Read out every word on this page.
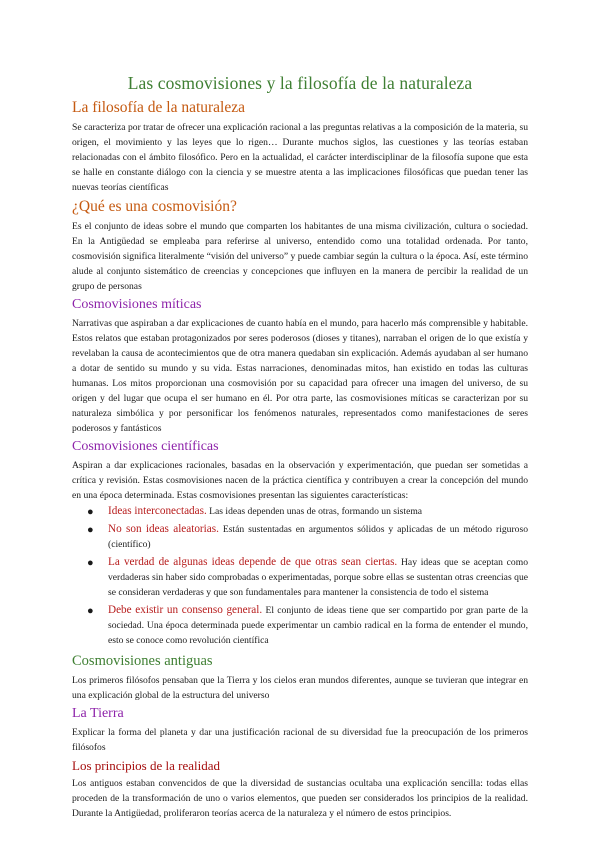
Las cosmovisiones y la filosofía de la naturaleza
La filosofía de la naturaleza

Se caracteriza por tratar de ofrecer una explicación racional a las preguntas relativas a la composición de la materia, su origen, el movimiento y las leyes que lo rigen… Durante muchos siglos, las cuestiones y las teorías estaban relacionadas con el ámbito filosófico. Pero en la actualidad, el carácter interdisciplinar de la filosofía supone que esta se halle en constante diálogo con la ciencia y se muestre atenta a las implicaciones filosóficas que puedan tener las nuevas teorías científicas

¿Qué es una cosmovisión?

Es el conjunto de ideas sobre el mundo que comparten los habitantes de una misma civilización, cultura o sociedad. En la Antigüedad se empleaba para referirse al universo, entendido como una totalidad ordenada. Por tanto, cosmovisión significa literalmente “visión del universo” y puede cambiar según la cultura o la época. Así, este término alude al conjunto sistemático de creencias y concepciones que influyen en la manera de percibir la realidad de un grupo de personas

Cosmovisiones míticas

Narrativas que aspiraban a dar explicaciones de cuanto había en el mundo, para hacerlo más comprensible y habitable. Estos relatos que estaban protagonizados por seres poderosos (dioses y titanes), narraban el origen de lo que existía y revelaban la causa de acontecimientos que de otra manera quedaban sin explicación. Además ayudaban al ser humano a dotar de sentido su mundo y su vida. Estas narraciones, denominadas mitos, han existido en todas las culturas humanas. Los mitos proporcionan una cosmovisión por su capacidad para ofrecer una imagen del universo, de su origen y del lugar que ocupa el ser humano en él. Por otra parte, las cosmovisiones míticas se caracterizan por su naturaleza simbólica y por personificar los fenómenos naturales, representados como manifestaciones de seres poderosos y fantásticos

Cosmovisiones científicas

Aspiran a dar explicaciones racionales, basadas en la observación y experimentación, que puedan ser sometidas a crítica y revisión. Estas cosmovisiones nacen de la práctica científica y contribuyen a crear la concepción del mundo en una época determinada. Estas cosmovisiones presentan las siguientes características:

● Ideas interconectadas. Las ideas dependen unas de otras, formando un sistema
● No son ideas aleatorias. Están sustentadas en argumentos sólidos y aplicadas de un método riguroso (científico)
● La verdad de algunas ideas depende de que otras sean ciertas. Hay ideas que se aceptan como verdaderas sin haber sido comprobadas o experimentadas, porque sobre ellas se sustentan otras creencias que se consideran verdaderas y que son fundamentales para mantener la consistencia de todo el sistema
● Debe existir un consenso general. El conjunto de ideas tiene que ser compartido por gran parte de la sociedad. Una época determinada puede experimentar un cambio radical en la forma de entender el mundo, esto se conoce como revolución científica
Cosmovisiones antiguas

Los primeros filósofos pensaban que la Tierra y los cielos eran mundos diferentes, aunque se tuvieran que integrar en una explicación global de la estructura del universo

La Tierra

Explicar la forma del planeta y dar una justificación racional de su diversidad fue la preocupación de los primeros filósofos

Los principios de la realidad

Los antiguos estaban convencidos de que la diversidad de sustancias ocultaba una explicación sencilla: todas ellas proceden de la transformación de uno o varios elementos, que pueden ser considerados los principios de la realidad. Durante la Antigüedad, proliferaron teorías acerca de la naturaleza y el número de estos principios.
